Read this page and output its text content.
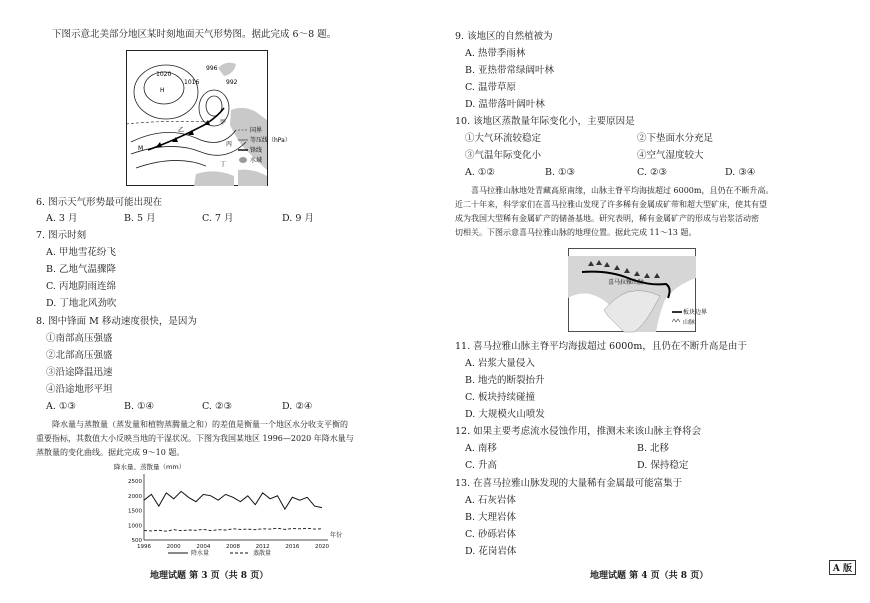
下图示意北美部分地区某时刻地面天气形势图。据此完成 6～8 题。
1020
1016
996
992
甲
乙
丙
丁
M
H
国界
等压线（hPa）
锋线
水域
6. 图示天气形势最可能出现在
A. 3 月	B. 5 月	C. 7 月	D. 9 月
7. 图示时刻
A. 甲地雪花纷飞
B. 乙地气温骤降
C. 丙地阴雨连绵
D. 丁地北风劲吹
8. 图中锋面 M 移动速度很快，是因为
①南部高压强盛
②北部高压强盛
③沿途降温迅速
④沿途地形平坦
A. ①③	B. ①④	C. ②③	D. ②④
降水量与蒸散量（蒸发量和植物蒸腾量之和）的差值是衡量一个地区水分收支平衡的
重要指标，其数值大小反映当地的干湿状况。下图为我国某地区 1996—2020 年降水量与
蒸散量的变化曲线。据此完成 9～10 题。
降水量、蒸散量（mm）
500
1000
1500
2000
2500
1996	2000	2004	2008	2012	2016	2020
年份
降水量	蒸散量
地理试题 第 3 页（共 8 页）
9. 该地区的自然植被为
A. 热带季雨林
B. 亚热带常绿阔叶林
C. 温带草原
D. 温带落叶阔叶林
10. 该地区蒸散量年际变化小，主要原因是
①大气环流较稳定	②下垫面水分充足
③气温年际变化小	④空气湿度较大
A. ①②	B. ①③	C. ②③	D. ③④
喜马拉雅山脉地处青藏高原南缘，山脉主脊平均海拔超过 6000m，且仍在不断升高。
近二十年来，科学家们在喜马拉雅山发现了许多稀有金属成矿带和超大型矿床，使其有望
成为我国大型稀有金属矿产的储备基地。研究表明，稀有金属矿产的形成与岩浆活动密
切相关。下图示意喜马拉雅山脉的地理位置。据此完成 11～13 题。
喜马拉雅山脉
板块边界
山脉
11. 喜马拉雅山脉主脊平均海拔超过 6000m，且仍在不断升高是由于
A. 岩浆大量侵入
B. 地壳的断裂抬升
C. 板块持续碰撞
D. 大规模火山喷发
12. 如果主要考虑流水侵蚀作用，推测未来该山脉主脊将会
A. 南移	B. 北移
C. 升高	D. 保持稳定
13. 在喜马拉雅山脉发现的大量稀有金属最可能富集于
A. 石灰岩体
B. 大理岩体
C. 砂砾岩体
D. 花岗岩体
地理试题 第 4 页（共 8 页）
A 版
